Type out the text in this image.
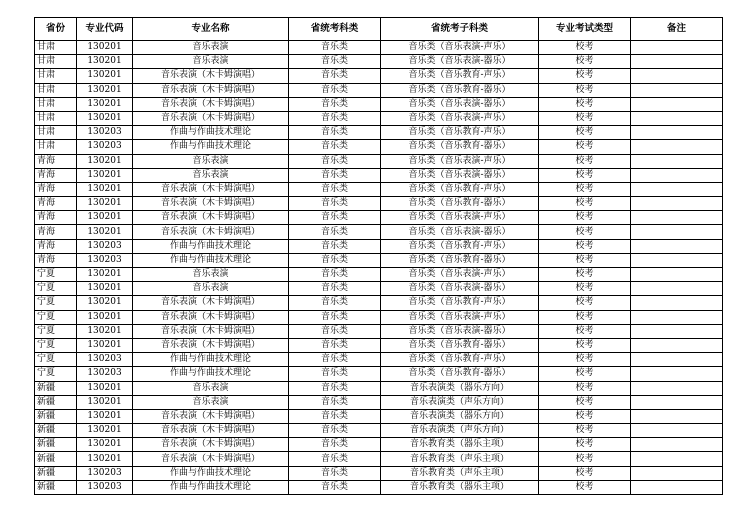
省份	专业代码	专业名称	省统考科类	省统考子科类	专业考试类型	备注
甘肃	130201	音乐表演	音乐类	音乐类（音乐表演-声乐）	校考	
甘肃	130201	音乐表演	音乐类	音乐类（音乐表演-器乐）	校考	
甘肃	130201	音乐表演（木卡姆演唱）	音乐类	音乐类（音乐教育-声乐）	校考	
甘肃	130201	音乐表演（木卡姆演唱）	音乐类	音乐类（音乐教育-器乐）	校考	
甘肃	130201	音乐表演（木卡姆演唱）	音乐类	音乐类（音乐表演-器乐）	校考	
甘肃	130201	音乐表演（木卡姆演唱）	音乐类	音乐类（音乐表演-声乐）	校考	
甘肃	130203	作曲与作曲技术理论	音乐类	音乐类（音乐教育-声乐）	校考	
甘肃	130203	作曲与作曲技术理论	音乐类	音乐类（音乐教育-器乐）	校考	
青海	130201	音乐表演	音乐类	音乐类（音乐表演-声乐）	校考	
青海	130201	音乐表演	音乐类	音乐类（音乐表演-器乐）	校考	
青海	130201	音乐表演（木卡姆演唱）	音乐类	音乐类（音乐教育-声乐）	校考	
青海	130201	音乐表演（木卡姆演唱）	音乐类	音乐类（音乐教育-器乐）	校考	
青海	130201	音乐表演（木卡姆演唱）	音乐类	音乐类（音乐表演-声乐）	校考	
青海	130201	音乐表演（木卡姆演唱）	音乐类	音乐类（音乐表演-器乐）	校考	
青海	130203	作曲与作曲技术理论	音乐类	音乐类（音乐教育-声乐）	校考	
青海	130203	作曲与作曲技术理论	音乐类	音乐类（音乐教育-器乐）	校考	
宁夏	130201	音乐表演	音乐类	音乐类（音乐表演-声乐）	校考	
宁夏	130201	音乐表演	音乐类	音乐类（音乐表演-器乐）	校考	
宁夏	130201	音乐表演（木卡姆演唱）	音乐类	音乐类（音乐教育-声乐）	校考	
宁夏	130201	音乐表演（木卡姆演唱）	音乐类	音乐类（音乐表演-声乐）	校考	
宁夏	130201	音乐表演（木卡姆演唱）	音乐类	音乐类（音乐表演-器乐）	校考	
宁夏	130201	音乐表演（木卡姆演唱）	音乐类	音乐类（音乐教育-器乐）	校考	
宁夏	130203	作曲与作曲技术理论	音乐类	音乐类（音乐教育-声乐）	校考	
宁夏	130203	作曲与作曲技术理论	音乐类	音乐类（音乐教育-器乐）	校考	
新疆	130201	音乐表演	音乐类	音乐表演类（器乐方向）	校考	
新疆	130201	音乐表演	音乐类	音乐表演类（声乐方向）	校考	
新疆	130201	音乐表演（木卡姆演唱）	音乐类	音乐表演类（器乐方向）	校考	
新疆	130201	音乐表演（木卡姆演唱）	音乐类	音乐表演类（声乐方向）	校考	
新疆	130201	音乐表演（木卡姆演唱）	音乐类	音乐教育类（器乐主项）	校考	
新疆	130201	音乐表演（木卡姆演唱）	音乐类	音乐教育类（声乐主项）	校考	
新疆	130203	作曲与作曲技术理论	音乐类	音乐教育类（声乐主项）	校考	
新疆	130203	作曲与作曲技术理论	音乐类	音乐教育类（器乐主项）	校考	
